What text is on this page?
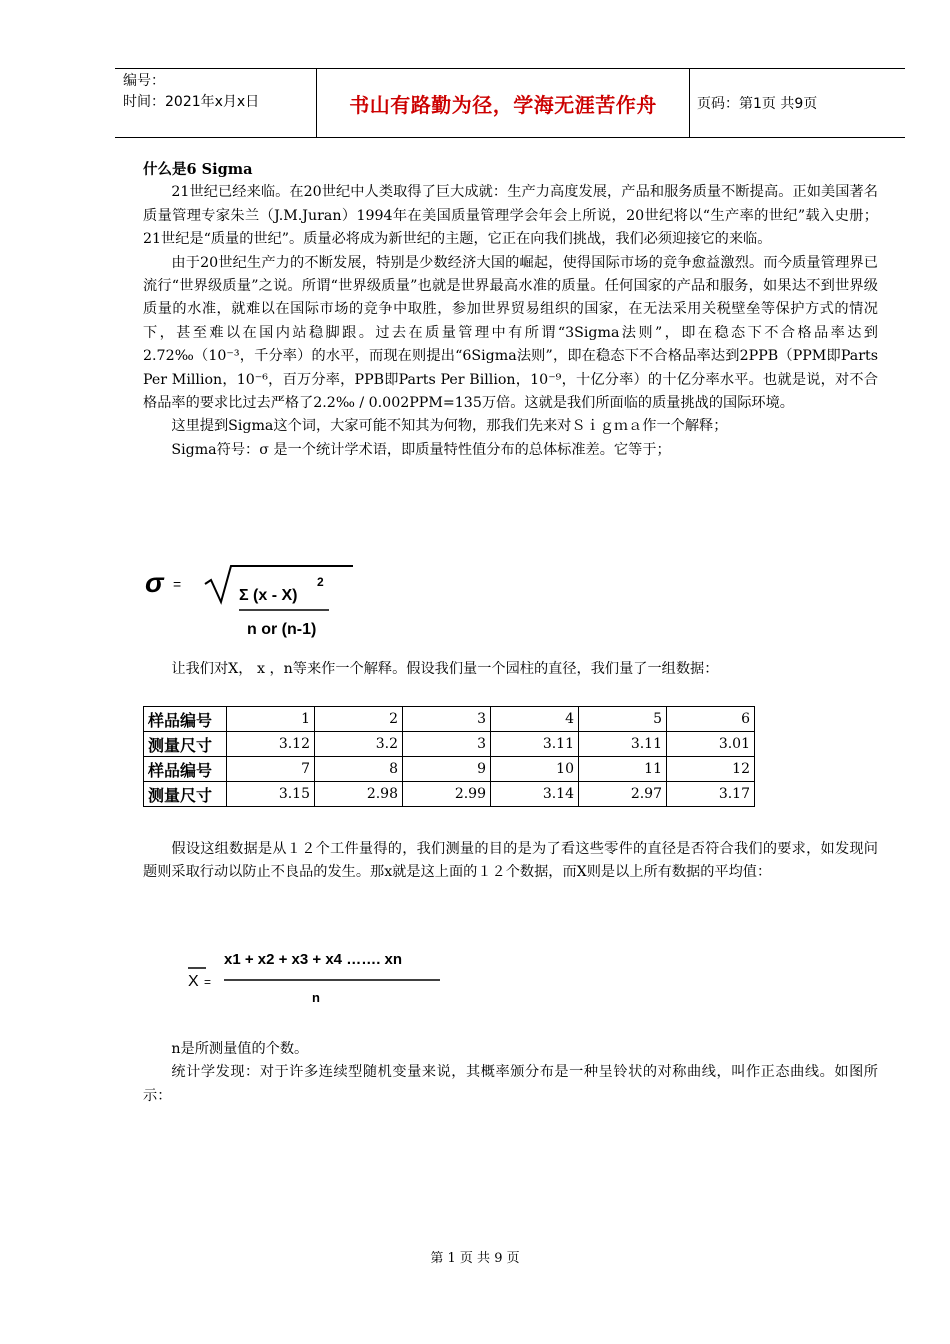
编号：
时间：2021年x月x日	书山有路勤为径，学海无涯苦作舟	页码：第1页 共9页
什么是6 Sigma

21世纪已经来临。在20世纪中人类取得了巨大成就：生产力高度发展，产品和服务质量不断提高。正如美国著名质量管理专家朱兰（J.M.Juran）1994年在美国质量管理学会年会上所说，20世纪将以“生产率的世纪”载入史册； 21世纪是“质量的世纪”。质量必将成为新世纪的主题，它正在向我们挑战，我们必须迎接它的来临。

由于20世纪生产力的不断发展，特别是少数经济大国的崛起，使得国际市场的竞争愈益激烈。而今质量管理界已流行“世界级质量”之说。所谓“世界级质量”也就是世界最高水准的质量。任何国家的产品和服务，如果达不到世界级质量的水准，就难以在国际市场的竞争中取胜，参加世界贸易组织的国家，在无法采用关税壁垒等保护方式的情况下，甚至难以在国内站稳脚跟。过去在质量管理中有所谓“3Sigma法则”，即在稳态下不合格品率达到2.72‰（10⁻³，千分率）的水平，而现在则提出“6Sigma法则”，即在稳态下不合格品率达到2PPB（PPM即Parts Per Million，10⁻⁶，百万分率，PPB即Parts Per Billion，10⁻⁹，十亿分率）的十亿分率水平。也就是说，对不合格品率的要求比过去严格了2.2‰ / 0.002PPM=135万倍。这就是我们所面临的质量挑战的国际环境。

这里提到Sigma这个词，大家可能不知其为何物，那我们先来对Ｓｉｇｍａ作一个解释；

Sigma符号：σ 是一个统计学术语，即质量特性值分布的总体标准差。它等于；

σ =
Σ (x - X)
2
n or (n-1)

让我们对X， x ，n等来作一个解释。假设我们量一个园柱的直径，我们量了一组数据：

样品编号	1	2	3	4	5	6
测量尺寸	3.12	3.2	3	3.11	3.11	3.01
样品编号	7	8	9	10	11	12
测量尺寸	3.15	2.98	2.99	3.14	2.97	3.17

假设这组数据是从１２个工件量得的，我们测量的目的是为了看这些零件的直径是否符合我们的要求，如发现问题则采取行动以防止不良品的发生。那x就是这上面的１２个数据，而X则是以上所有数据的平均值：

X =
x1 + x2 + x3 + x4 ……. xn
n

n是所测量值的个数。

统计学发现：对于许多连续型随机变量来说，其概率颁分布是一种呈铃状的对称曲线，叫作正态曲线。如图所示：

第 1 页 共 9 页
